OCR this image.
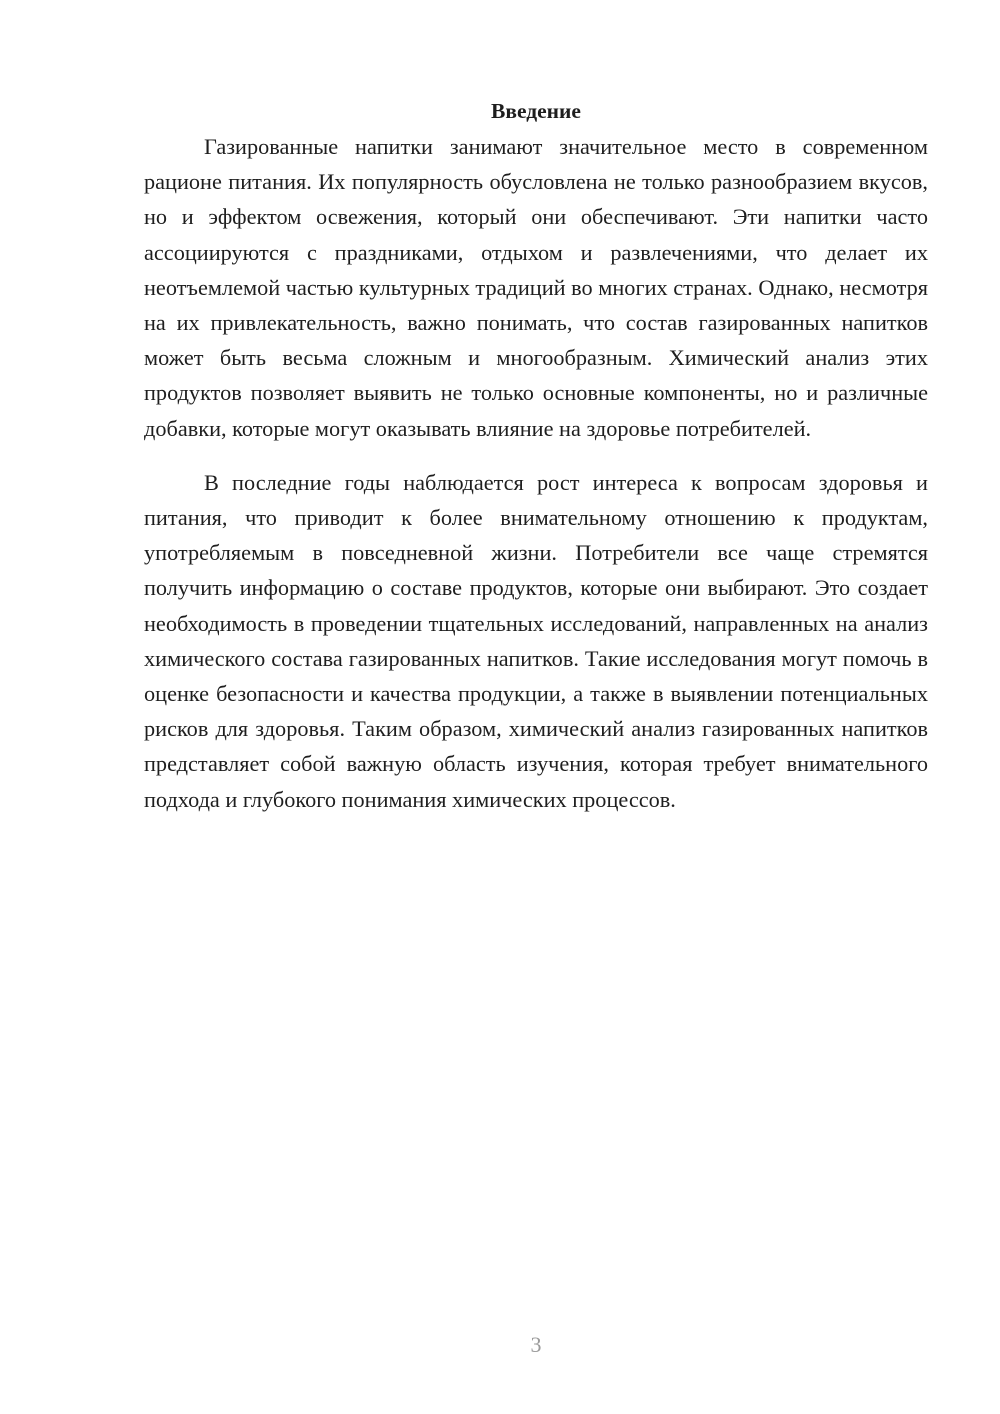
Введение

Газированные напитки занимают значительное место в современном рационе питания. Их популярность обусловлена не только разнообразием вкусов, но и эффектом освежения, который они обеспечивают. Эти напитки часто ассоциируются с праздниками, отдыхом и развлечениями, что делает их неотъемлемой частью культурных традиций во многих странах. Однако, несмотря на их привлекательность, важно понимать, что состав газированных напитков может быть весьма сложным и многообразным. Химический анализ этих продуктов позволяет выявить не только основные компоненты, но и различные добавки, которые могут оказывать влияние на здоровье потребителей.

В последние годы наблюдается рост интереса к вопросам здоровья и питания, что приводит к более внимательному отношению к продуктам, употребляемым в повседневной жизни. Потребители все чаще стремятся получить информацию о составе продуктов, которые они выбирают. Это создает необходимость в проведении тщательных исследований, направленных на анализ химического состава газированных напитков. Такие исследования могут помочь в оценке безопасности и качества продукции, а также в выявлении потенциальных рисков для здоровья. Таким образом, химический анализ газированных напитков представляет собой важную область изучения, которая требует внимательного подхода и глубокого понимания химических процессов.

3
